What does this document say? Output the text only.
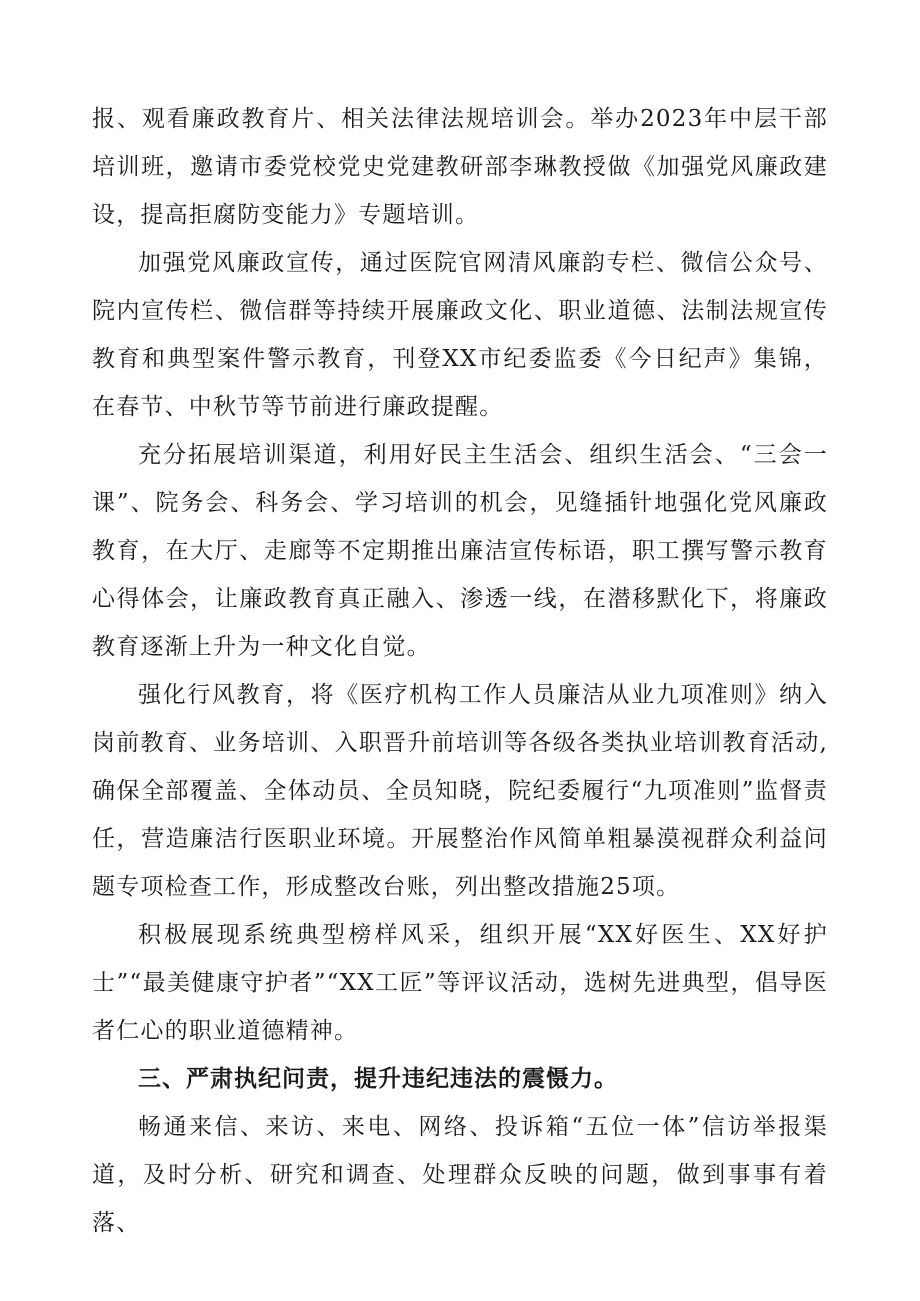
报、观看廉政教育片、相关法律法规培训会。举办2023年中层干部培训班，邀请市委党校党史党建教研部李琳教授做《加强党风廉政建设，提高拒腐防变能力》专题培训。

加强党风廉政宣传，通过医院官网清风廉韵专栏、微信公众号、院内宣传栏、微信群等持续开展廉政文化、职业道德、法制法规宣传教育和典型案件警示教育，刊登XX市纪委监委《今日纪声》集锦，在春节、中秋节等节前进行廉政提醒。

充分拓展培训渠道，利用好民主生活会、组织生活会、“三会一课”、院务会、科务会、学习培训的机会，见缝插针地强化党风廉政教育，在大厅、走廊等不定期推出廉洁宣传标语，职工撰写警示教育心得体会，让廉政教育真正融入、渗透一线，在潜移默化下，将廉政教育逐渐上升为一种文化自觉。

强化行风教育，将《医疗机构工作人员廉洁从业九项准则》纳入岗前教育、业务培训、入职晋升前培训等各级各类执业培训教育活动,确保全部覆盖、全体动员、全员知晓，院纪委履行“九项准则”监督责任，营造廉洁行医职业环境。开展整治作风简单粗暴漠视群众利益问题专项检查工作，形成整改台账，列出整改措施25项。

积极展现系统典型榜样风采，组织开展“XX好医生、XX好护士”“最美健康守护者”“XX工匠”等评议活动，选树先进典型，倡导医者仁心的职业道德精神。

三、严肃执纪问责，提升违纪违法的震慑力。

畅通来信、来访、来电、网络、投诉箱“五位一体”信访举报渠道，及时分析、研究和调查、处理群众反映的问题，做到事事有着落、
